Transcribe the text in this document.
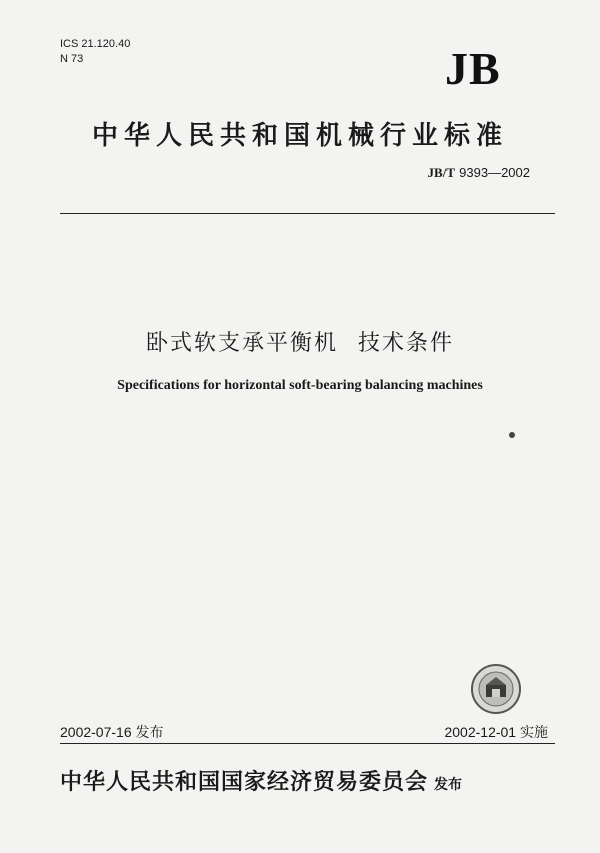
ICS 21.120.40
N 73	JB
中华人民共和国机械行业标准
JB/T 9393—2002
卧式软支承平衡机 技术条件
Specifications for horizontal soft-bearing balancing machines
2002-07-16 发布	2002-12-01 实施
中华人民共和国国家经济贸易委员会 发布
